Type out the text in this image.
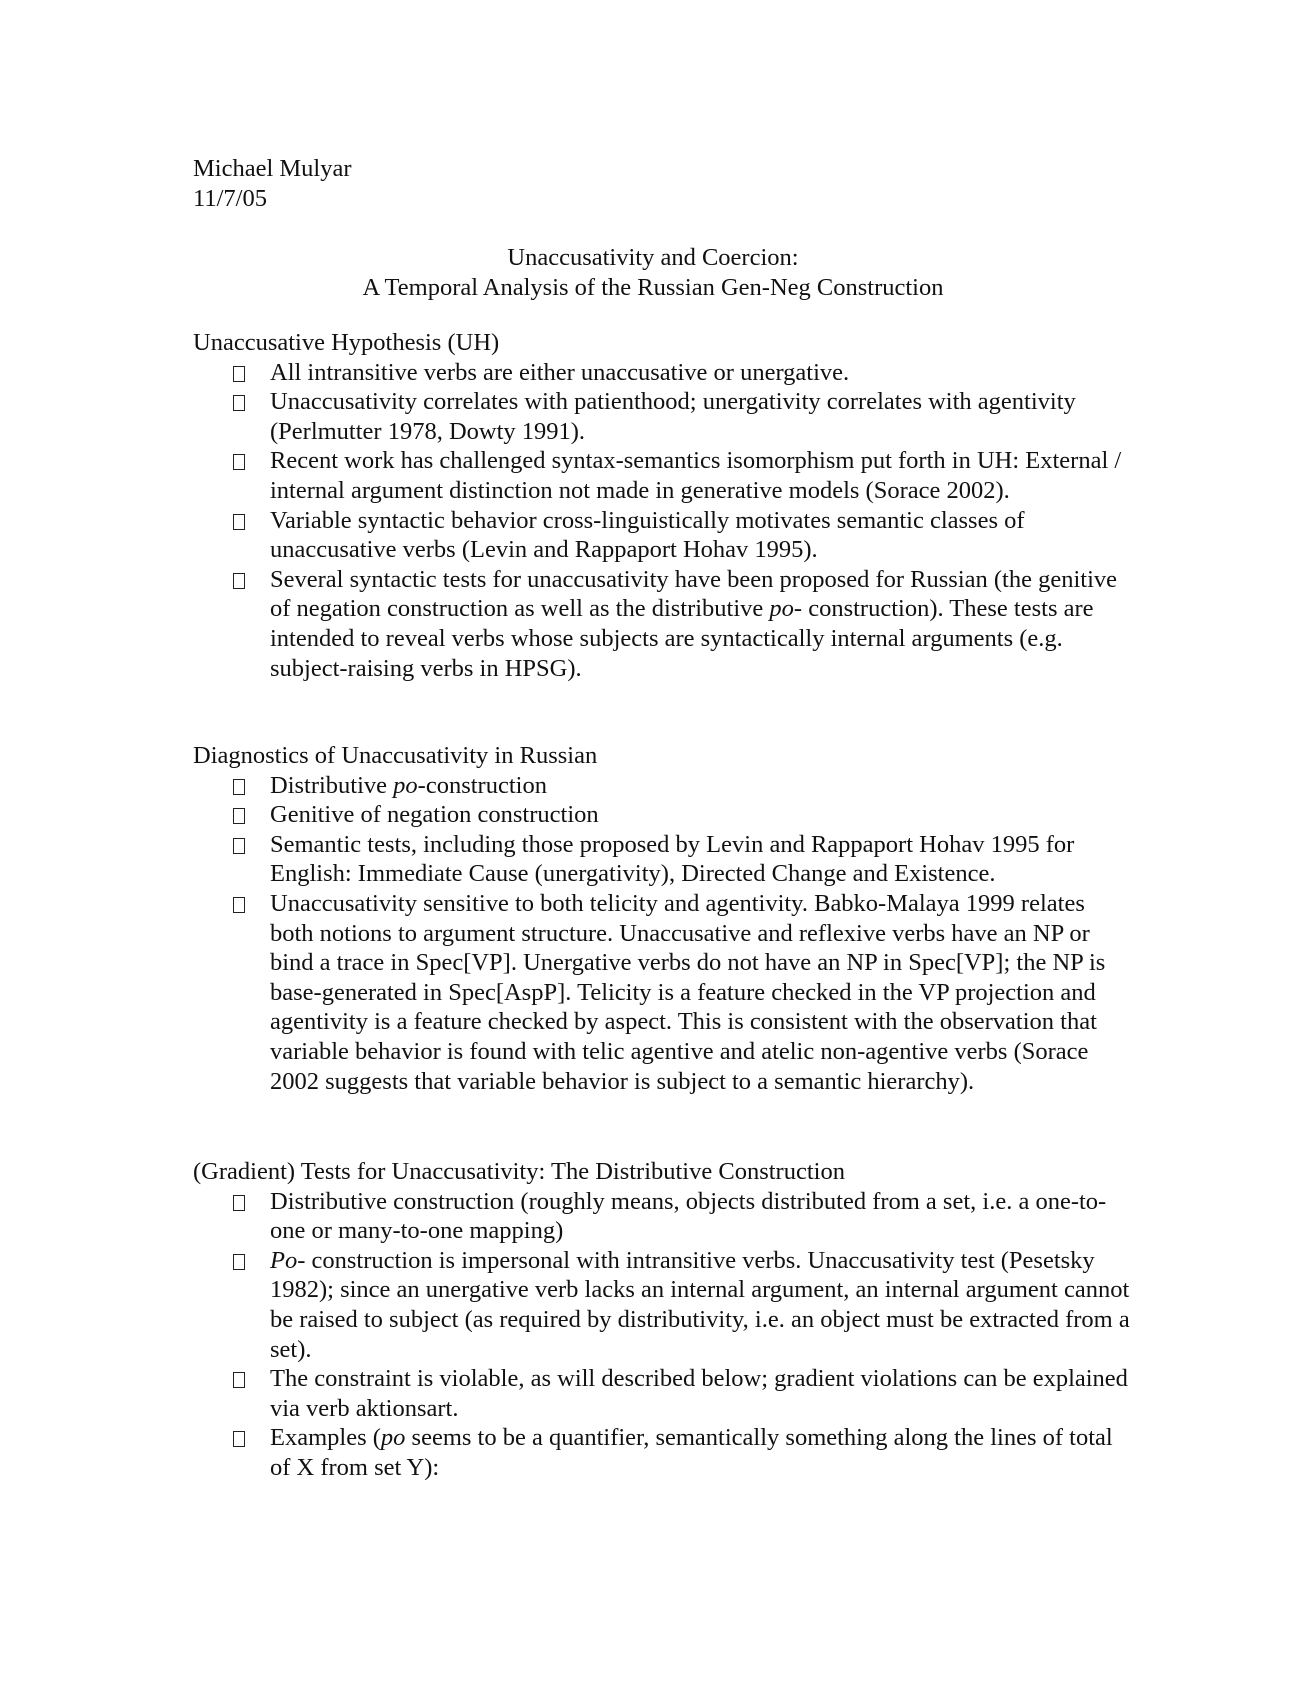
Michael Mulyar
11/7/05
Unaccusativity and Coercion:
A Temporal Analysis of the Russian Gen-Neg Construction
Unaccusative Hypothesis (UH)
All intransitive verbs are either unaccusative or unergative.
Unaccusativity correlates with patienthood; unergativity correlates with agentivity (Perlmutter 1978, Dowty 1991).
Recent work has challenged syntax-semantics isomorphism put forth in UH: External / internal argument distinction not made in generative models (Sorace 2002).
Variable syntactic behavior cross-linguistically motivates semantic classes of unaccusative verbs (Levin and Rappaport Hohav 1995).
Several syntactic tests for unaccusativity have been proposed for Russian (the genitive of negation construction as well as the distributive po- construction). These tests are intended to reveal verbs whose subjects are syntactically internal arguments (e.g. subject-raising verbs in HPSG).
Diagnostics of Unaccusativity in Russian
Distributive po-construction
Genitive of negation construction
Semantic tests, including those proposed by Levin and Rappaport Hohav 1995 for English: Immediate Cause (unergativity), Directed Change and Existence.
Unaccusativity sensitive to both telicity and agentivity. Babko-Malaya 1999 relates both notions to argument structure. Unaccusative and reflexive verbs have an NP or bind a trace in Spec[VP]. Unergative verbs do not have an NP in Spec[VP]; the NP is base-generated in Spec[AspP]. Telicity is a feature checked in the VP projection and agentivity is a feature checked by aspect. This is consistent with the observation that variable behavior is found with telic agentive and atelic non-agentive verbs (Sorace 2002 suggests that variable behavior is subject to a semantic hierarchy).
(Gradient) Tests for Unaccusativity: The Distributive Construction
Distributive construction (roughly means, objects distributed from a set, i.e. a one-to-one or many-to-one mapping)
Po- construction is impersonal with intransitive verbs. Unaccusativity test (Pesetsky 1982); since an unergative verb lacks an internal argument, an internal argument cannot be raised to subject (as required by distributivity, i.e. an object must be extracted from a set).
The constraint is violable, as will described below; gradient violations can be explained via verb aktionsart.
Examples (po seems to be a quantifier, semantically something along the lines of total of X from set Y):
